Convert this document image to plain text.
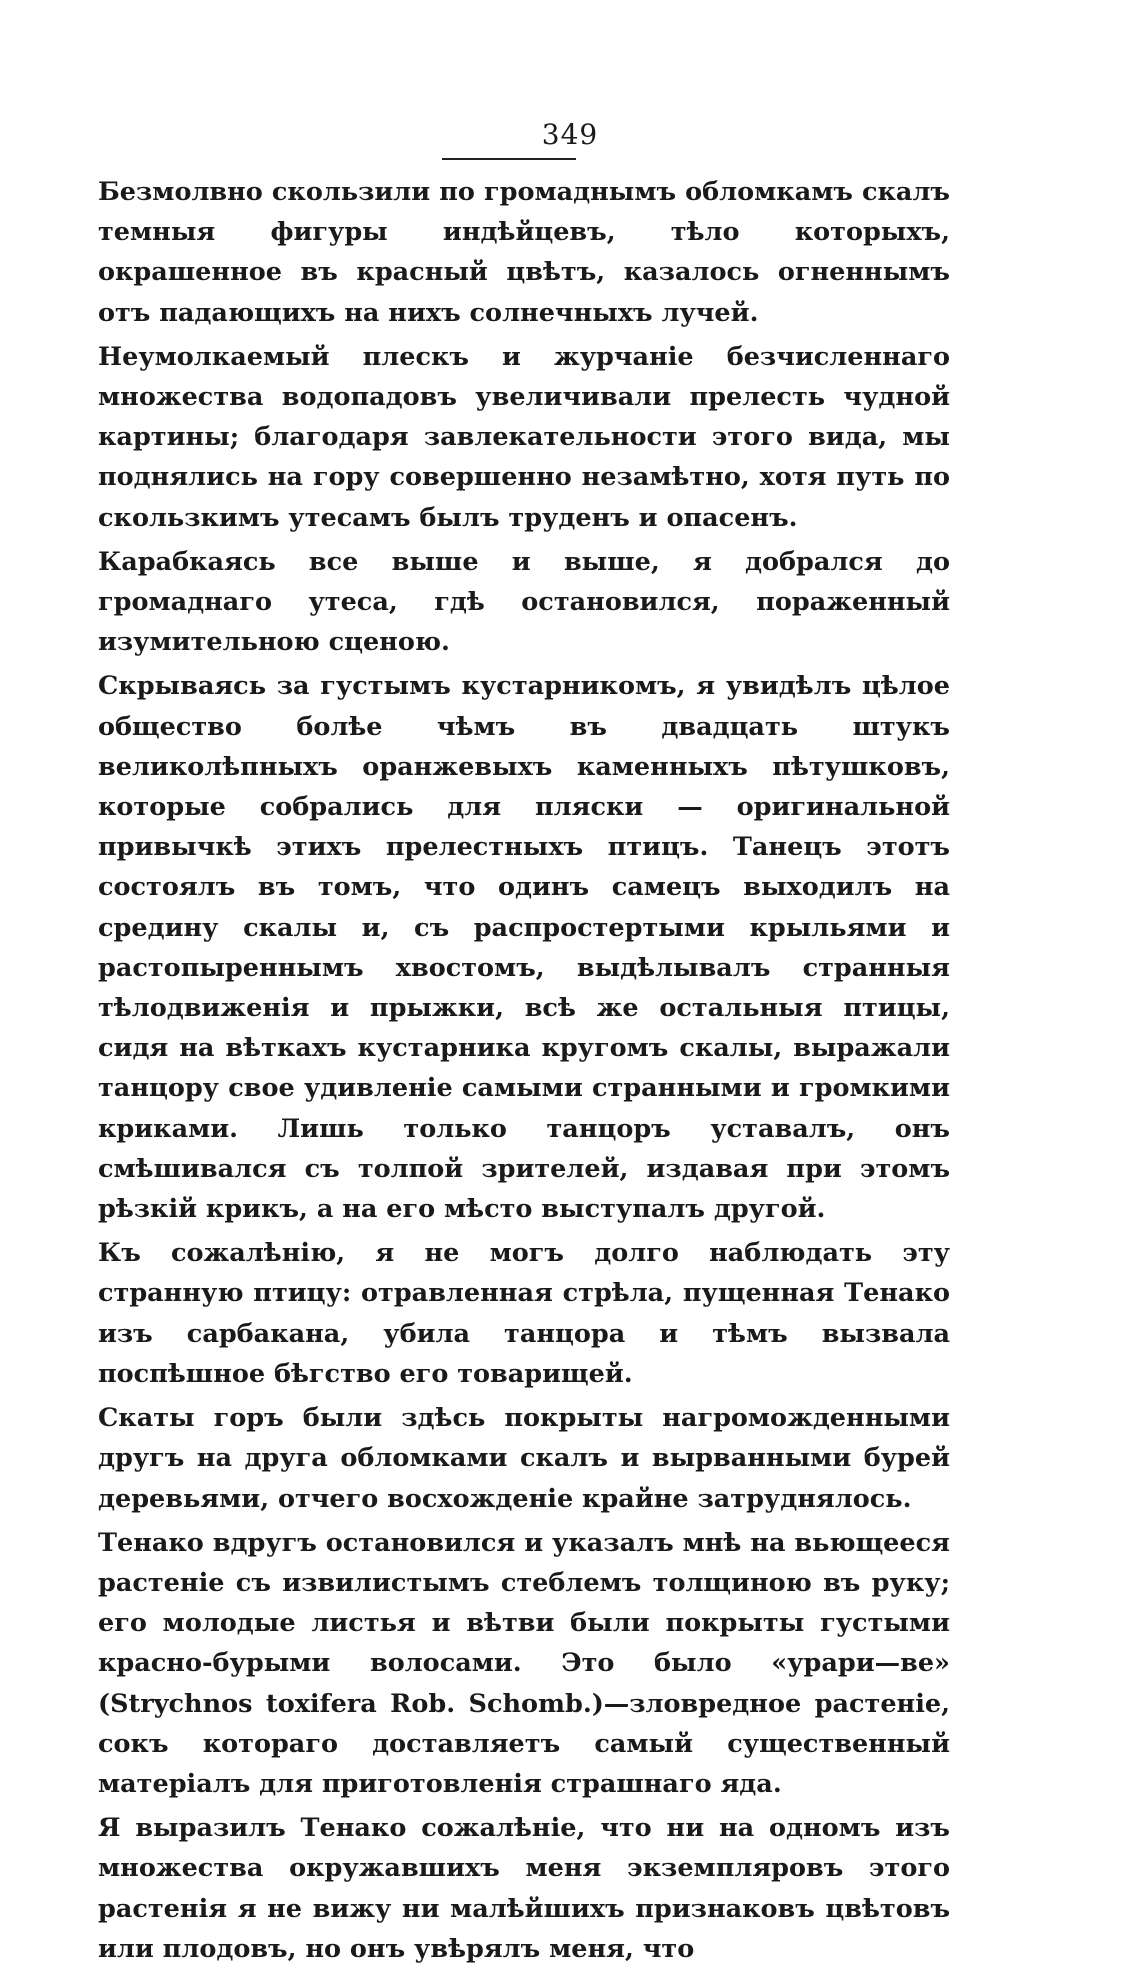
349

Безмолвно скользили по громаднымъ обломкамъ скалъ темныя фигуры индѣйцевъ, тѣло которыхъ, окрашенное въ красный цвѣтъ, казалось огненнымъ отъ падающихъ на нихъ солнечныхъ лучей.

Неумолкаемый плескъ и журчаніе безчисленнаго множества водопадовъ увеличивали прелесть чудной картины; благодаря завлекательности этого вида, мы поднялись на гору совершенно незамѣтно, хотя путь по скользкимъ утесамъ былъ труденъ и опасенъ.

Карабкаясь все выше и выше, я добрался до громаднаго утеса, гдѣ остановился, пораженный изумительною сценою.

Скрываясь за густымъ кустарникомъ, я увидѣлъ цѣлое общество болѣе чѣмъ въ двадцать штукъ великолѣпныхъ оранжевыхъ каменныхъ пѣтушковъ, которые собрались для пляски — оригинальной привычкѣ этихъ прелестныхъ птицъ. Танецъ этотъ состоялъ въ томъ, что одинъ самецъ выходилъ на средину скалы и, съ распростертыми крыльями и растопыреннымъ хвостомъ, выдѣлывалъ странныя тѣлодвиженія и прыжки, всѣ же остальныя птицы, сидя на вѣткахъ кустарника кругомъ скалы, выражали танцору свое удивленіе самыми странными и громкими криками. Лишь только танцоръ уставалъ, онъ смѣшивался съ толпой зрителей, издавая при этомъ рѣзкій крикъ, а на его мѣсто выступалъ другой.

Къ сожалѣнію, я не могъ долго наблюдать эту странную птицу: отравленная стрѣла, пущенная Тенако изъ сарбакана, убила танцора и тѣмъ вызвала поспѣшное бѣгство его товарищей.

Скаты горъ были здѣсь покрыты нагроможденными другъ на друга обломками скалъ и вырванными бурей деревьями, отчего восхожденіе крайне затруднялось.

Тенако вдругъ остановился и указалъ мнѣ на вьющееся растеніе съ извилистымъ стеблемъ толщиною въ руку; его молодые листья и вѣтви были покрыты густыми красно-бурыми волосами. Это было «урари—ве» (Strychnos toxifera Rob. Schomb.)—зловредное растеніе, сокъ котораго доставляетъ самый существенный матеріалъ для приготовленія страшнаго яда.

Я выразилъ Тенако сожалѣніе, что ни на одномъ изъ множества окружавшихъ меня экземпляровъ этого растенія я не вижу ни малѣйшихъ признаковъ цвѣтовъ или плодовъ, но онъ увѣрялъ меня, что
